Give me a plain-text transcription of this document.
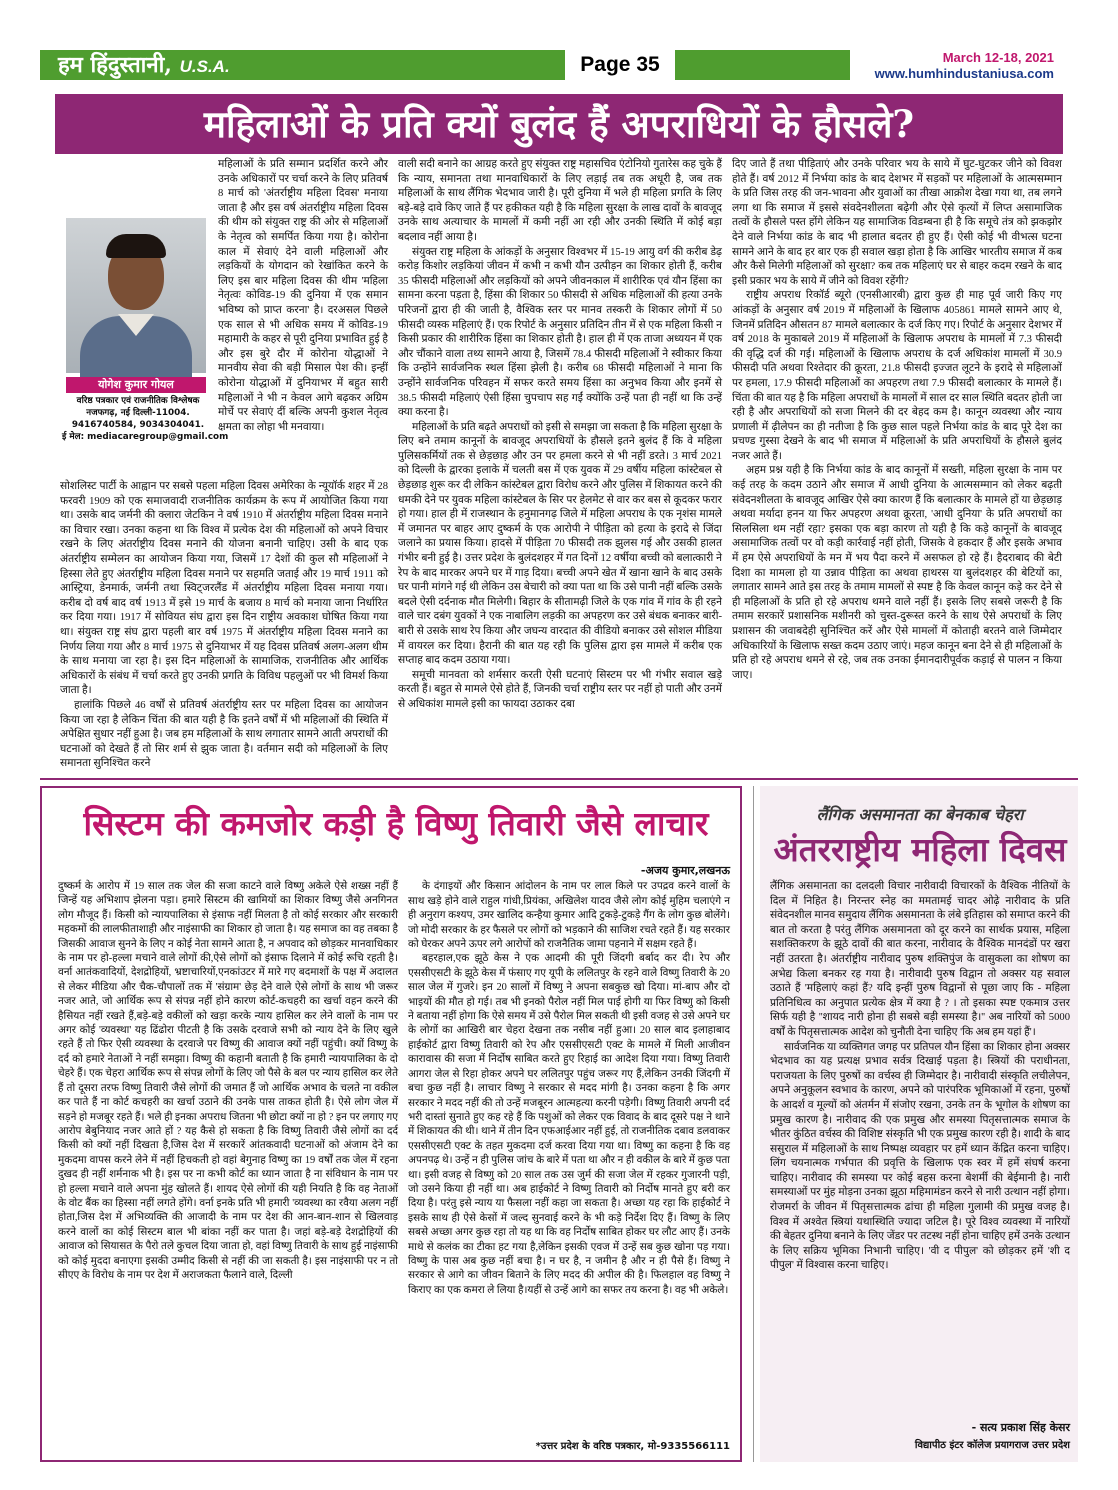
हम हिंदुस्तानी, U.S.A.	Page 35	March 12-18, 2021
www.humhindustaniusa.com
महिलाओं के प्रति क्यों बुलंद हैं अपराधियों के हौसले?

महिलाओं के प्रति सम्मान प्रदर्शित करने और उनके अधिकारों पर चर्चा करने के लिए प्रतिवर्ष 8 मार्च को 'अंतर्राष्ट्रीय महिला दिवस' मनाया जाता है और इस वर्ष अंतर्राष्ट्रीय महिला दिवस की थीम को संयुक्त राष्ट्र की ओर से महिलाओं के नेतृत्व को समर्पित किया गया है। कोरोना काल में सेवाएं देने वाली महिलाओं और लड़कियों के योगदान को रेखांकित करने के लिए इस बार महिला दिवस की थीम 'महिला नेतृत्वः कोविड-19 की दुनिया में एक समान भविष्य को प्राप्त करना' है। दरअसल पिछले एक साल से भी अधिक समय में कोविड-19 महामारी के कहर से पूरी दुनिया प्रभावित हुई है और इस बुरे दौर में कोरोना योद्धाओं ने मानवीय सेवा की बड़ी मिसाल पेश की। इन्हीं कोरोना योद्धाओं में दुनियाभर में बहुत सारी महिलाओं ने भी न केवल आगे बढ़कर अग्रिम मोर्चे पर सेवाएं दीं बल्कि अपनी कुशल नेतृत्व क्षमता का लोहा भी मनवाया।

योगेश कुमार गोयल
वरिष्ठ पत्रकार एवं राजनीतिक विश्लेषक
नजफगढ़, नई दिल्ली-11004.
9416740584, 9034304041.
ई मेल: mediacaregroup@gmail.com

सोशलिस्ट पार्टी के आह्वान पर सबसे पहला महिला दिवस अमेरिका के न्यूयॉर्क शहर में 28 फरवरी 1909 को एक समाजवादी राजनीतिक कार्यक्रम के रूप में आयोजित किया गया था। उसके बाद जर्मनी की क्लारा जेटकिन ने वर्ष 1910 में अंतर्राष्ट्रीय महिला दिवस मनाने का विचार रखा। उनका कहना था कि विश्व में प्रत्येक देश की महिलाओं को अपने विचार रखने के लिए अंतर्राष्ट्रीय दिवस मनाने की योजना बनानी चाहिए। उसी के बाद एक अंतर्राष्ट्रीय सम्मेलन का आयोजन किया गया, जिसमें 17 देशों की कुल सौ महिलाओं ने हिस्सा लेते हुए अंतर्राष्ट्रीय महिला दिवस मनाने पर सहमति जताई और 19 मार्च 1911 को आस्ट्रिया, डेनमार्क, जर्मनी तथा स्विट्जरलैंड में अंतर्राष्ट्रीय महिला दिवस मनाया गया। करीब दो वर्ष बाद वर्ष 1913 में इसे 19 मार्च के बजाय 8 मार्च को मनाया जाना निर्धारित कर दिया गया। 1917 में सोवियत संघ द्वारा इस दिन राष्ट्रीय अवकाश घोषित किया गया था। संयुक्त राष्ट्र संघ द्वारा पहली बार वर्ष 1975 में अंतर्राष्ट्रीय महिला दिवस मनाने का निर्णय लिया गया और 8 मार्च 1975 से दुनियाभर में यह दिवस प्रतिवर्ष अलग-अलग थीम के साथ मनाया जा रहा है। इस दिन महिलाओं के सामाजिक, राजनीतिक और आर्थिक अधिकारों के संबंध में चर्चा करते हुए उनकी प्रगति के विविध पहलुओं पर भी विमर्श किया जाता है।

हालांकि पिछले 46 वर्षों से प्रतिवर्ष अंतर्राष्ट्रीय स्तर पर महिला दिवस का आयोजन किया जा रहा है लेकिन चिंता की बात यही है कि इतने वर्षों में भी महिलाओं की स्थिति में अपेक्षित सुधार नहीं हुआ है। जब हम महिलाओं के साथ लगातार सामने आती अपराधों की घटनाओं को देखते हैं तो सिर शर्म से झुक जाता है। वर्तमान सदी को महिलाओं के लिए समानता सुनिश्चित करने

वाली सदी बनाने का आग्रह करते हुए संयुक्त राष्ट्र महासचिव एंटोनियो गुतारेस कह चुके हैं कि न्याय, समानता तथा मानवाधिकारों के लिए लड़ाई तब तक अधूरी है, जब तक महिलाओं के साथ लैंगिक भेदभाव जारी है। पूरी दुनिया में भले ही महिला प्रगति के लिए बड़े-बड़े दावे किए जाते हैं पर हकीकत यही है कि महिला सुरक्षा के लाख दावों के बावजूद उनके साथ अत्याचार के मामलों में कमी नहीं आ रही और उनकी स्थिति में कोई बड़ा बदलाव नहीं आया है।

संयुक्त राष्ट्र महिला के आंकड़ों के अनुसार विश्वभर में 15-19 आयु वर्ग की करीब डेढ़ करोड़ किशोर लड़कियां जीवन में कभी न कभी यौन उत्पीड़न का शिकार होती हैं, करीब 35 फीसदी महिलाओं और लड़कियों को अपने जीवनकाल में शारीरिक एवं यौन हिंसा का सामना करना पड़ता है, हिंसा की शिकार 50 फीसदी से अधिक महिलाओं की हत्या उनके परिजनों द्वारा ही की जाती है, वैश्विक स्तर पर मानव तस्करी के शिकार लोगों में 50 फीसदी व्यस्क महिलाएं हैं। एक रिपोर्ट के अनुसार प्रतिदिन तीन में से एक महिला किसी न किसी प्रकार की शारीरिक हिंसा का शिकार होती है। हाल ही में एक ताजा अध्ययन में एक और चौंकाने वाला तथ्य सामने आया है, जिसमें 78.4 फीसदी महिलाओं ने स्वीकार किया कि उन्होंने सार्वजनिक स्थल हिंसा झेली है। करीब 68 फीसदी महिलाओं ने माना कि उन्होंने सार्वजनिक परिवहन में सफर करते समय हिंसा का अनुभव किया और इनमें से 38.5 फीसदी महिलाएं ऐसी हिंसा चुपचाप सह गईं क्योंकि उन्हें पता ही नहीं था कि उन्हें क्या करना है।

महिलाओं के प्रति बढ़ते अपराधों को इसी से समझा जा सकता है कि महिला सुरक्षा के लिए बने तमाम कानूनों के बावजूद अपराधियों के हौसले इतने बुलंद हैं कि वे महिला पुलिसकर्मियों तक से छेड़छाड़ और उन पर हमला करने से भी नहीं डरते। 3 मार्च 2021 को दिल्ली के द्वारका इलाके में चलती बस में एक युवक में 29 वर्षीय महिला कांस्टेबल से छेड़छाड़ शुरू कर दी लेकिन कांस्टेबल द्वारा विरोध करने और पुलिस में शिकायत करने की धमकी देने पर युवक महिला कांस्टेबल के सिर पर हेलमेट से वार कर बस से कूदकर फरार हो गया। हाल ही में राजस्थान के हनुमानगढ़ जिले में महिला अपराध के एक नृशंस मामले में जमानत पर बाहर आए दुष्कर्म के एक आरोपी ने पीड़िता को हत्या के इरादे से जिंदा जलाने का प्रयास किया। हादसे में पीड़िता 70 फीसदी तक झुलस गई और उसकी हालत गंभीर बनी हुई है। उत्तर प्रदेश के बुलंदशहर में गत दिनों 12 वर्षीया बच्ची को बलात्कारी ने रेप के बाद मारकर अपने घर में गाड़ दिया। बच्ची अपने खेत में खाना खाने के बाद उसके घर पानी मांगने गई थी लेकिन उस बेचारी को क्या पता था कि उसे पानी नहीं बल्कि उसके बदले ऐसी दर्दनाक मौत मिलेगी। बिहार के सीतामढ़ी जिले के एक गांव में गांव के ही रहने वाले चार दबंग युवकों ने एक नाबालिग लड़की का अपहरण कर उसे बंधक बनाकर बारी-बारी से उसके साथ रेप किया और जघन्य वारदात की वीडियो बनाकर उसे सोशल मीडिया में वायरल कर दिया। हैरानी की बात यह रही कि पुलिस द्वारा इस मामले में करीब एक सप्ताह बाद कदम उठाया गया।

समूची मानवता को शर्मसार करती ऐसी घटनाएं सिस्टम पर भी गंभीर सवाल खड़े करती हैं। बहुत से मामले ऐसे होते हैं, जिनकी चर्चा राष्ट्रीय स्तर पर नहीं हो पाती और उनमें से अधिकांश मामले इसी का फायदा उठाकर दबा

दिए जाते हैं तथा पीड़िताएं और उनके परिवार भय के साये में घुट-घुटकर जीने को विवश होते हैं। वर्ष 2012 में निर्भया कांड के बाद देशभर में सड़कों पर महिलाओं के आत्मसम्मान के प्रति जिस तरह की जन-भावना और युवाओं का तीखा आक्रोश देखा गया था, तब लगने लगा था कि समाज में इससे संवदेनशीलता बढ़ेगी और ऐसे कृत्यों में लिप्त असामाजिक तत्वों के हौसले पस्त होंगे लेकिन यह सामाजिक विडम्बना ही है कि समूचे तंत्र को झकझोर देने वाले निर्भया कांड के बाद भी हालात बदतर ही हुए हैं। ऐसी कोई भी वीभत्स घटना सामने आने के बाद हर बार एक ही सवाल खड़ा होता है कि आखिर भारतीय समाज में कब और कैसे मिलेगी महिलाओं को सुरक्षा? कब तक महिलाएं घर से बाहर कदम रखने के बाद इसी प्रकार भय के साये में जीने को विवश रहेंगी?

राष्ट्रीय अपराध रिकॉर्ड ब्यूरो (एनसीआरबी) द्वारा कुछ ही माह पूर्व जारी किए गए आंकड़ों के अनुसार वर्ष 2019 में महिलाओं के खिलाफ 405861 मामले सामने आए थे, जिनमें प्रतिदिन औसतन 87 मामले बलात्कार के दर्ज किए गए। रिपोर्ट के अनुसार देशभर में वर्ष 2018 के मुकाबले 2019 में महिलाओं के खिलाफ अपराध के मामलों में 7.3 फीसदी की वृद्धि दर्ज की गई। महिलाओं के खिलाफ अपराध के दर्ज अधिकांश मामलों में 30.9 फीसदी पति अथवा रिश्तेदार की क्रूरता, 21.8 फीसदी इज्जत लूटने के इरादे से महिलाओं पर हमला, 17.9 फीसदी महिलाओं का अपहरण तथा 7.9 फीसदी बलात्कार के मामले हैं। चिंता की बात यह है कि महिला अपराधों के मामलों में साल दर साल स्थिति बदतर होती जा रही है और अपराधियों को सजा मिलने की दर बेहद कम है। कानून व्यवस्था और न्याय प्रणाली में ढ़ीलेपन का ही नतीजा है कि कुछ साल पहले निर्भया कांड के बाद पूरे देश का प्रचण्ड गुस्सा देखने के बाद भी समाज में महिलाओं के प्रति अपराधियों के हौसले बुलंद नजर आते हैं।

अहम प्रश्न यही है कि निर्भया कांड के बाद कानूनों में सख्ती, महिला सुरक्षा के नाम पर कई तरह के कदम उठाने और समाज में आधी दुनिया के आत्मसम्मान को लेकर बढ़ती संवेदनशीलता के बावजूद आखिर ऐसे क्या कारण हैं कि बलात्कार के मामले हों या छेड़छाड़ अथवा मर्यादा हनन या फिर अपहरण अथवा क्रूरता, 'आधी दुनिया' के प्रति अपराधों का सिलसिला थम नहीं रहा? इसका एक बड़ा कारण तो यही है कि कड़े कानूनों के बावजूद असामाजिक तत्वों पर वो कड़ी कार्रवाई नहीं होती, जिसके वे हकदार हैं और इसके अभाव में हम ऐसे अपराधियों के मन में भय पैदा करने में असफल हो रहे हैं। हैदराबाद की बेटी दिशा का मामला हो या उन्नाव पीड़िता का अथवा हाथरस या बुलंदशहर की बेटियों का, लगातार सामने आते इस तरह के तमाम मामलों से स्पष्ट है कि केवल कानून कड़े कर देने से ही महिलाओं के प्रति हो रहे अपराध थमने वाले नहीं हैं। इसके लिए सबसे जरूरी है कि तमाम सरकारें प्रशासनिक मशीनरी को चुस्त-दुरूस्त करने के साथ ऐसे अपराधों के लिए प्रशासन की जवाबदेही सुनिश्चित करें और ऐसे मामलों में कोताही बरतने वाले जिम्मेदार अधिकारियों के खिलाफ सख्त कदम उठाए जाएं। महज कानून बना देने से ही महिलाओं के प्रति हो रहे अपराध थमने से रहे, जब तक उनका ईमानदारीपूर्वक कड़ाई से पालन न किया जाए।

सिस्टम की कमजोर कड़ी है विष्णु तिवारी जैसे लाचार

दुष्कर्म के आरोप में 19 साल तक जेल की सजा काटने वाले विष्णु अकेले ऐसे शख्स नहीं हैं जिन्हें यह अभिशाप झेलना पड़ा। हमारे सिस्टम की खामियों का शिकार विष्णु जैसे अनगिनत लोग मौजूद हैं। किसी को न्यायपालिका से इंसाफ नहीं मिलता है तो कोई सरकार और सरकारी महकमों की लालफीताशाही और नाइंसाफी का शिकार हो जाता है। यह समाज का वह तबका है जिसकी आवाज सुनने के लिए न कोई नेता सामने आता है, न अपवाद को छोड़कर मानवाधिकार के नाम पर हो-हल्ला मचाने वाले लोगों की,ऐसे लोगों को इंसाफ दिलाने में कोई रूचि रहती है। वर्ना आतंकवादियों, देशद्रोहियों, भ्रष्टाचारियों,एनकांउटर में मारे गए बदमाशों के पक्ष में अदालत से लेकर मीडिया और चैक-चौपालों तक में 'संग्राम' छेड़ देने वाले ऐसे लोगों के साथ भी जरूर नजर आते, जो आर्थिक रूप से संपन्न नहीं होने कारण कोर्ट-कचहरी का खर्चा वहन करने की हैसियत नहीं रखते हैं,बड़े-बड़े वकीलों को खड़ा करके न्याय हासिल कर लेने वालों के नाम पर अगर कोई 'व्यवस्था' यह ढिंढोरा पीटती है कि उसके दरवाजे सभी को न्याय देने के लिए खुले रहते हैं तो फिर ऐसी व्यवस्था के दरवाजे पर विष्णु की आवाज क्यों नहीं पहुंची। क्यों विष्णु के दर्द को हमारे नेताओं ने नहीं समझा। विष्णु की कहानी बताती है कि हमारी न्यायपालिका के दो चेहरे हैं। एक चेहरा आर्थिक रूप से संपन्न लोगों के लिए जो पैसे के बल पर न्याय हासिल कर लेते हैं तो दूसरा तरफ विष्णु तिवारी जैसे लोगों की जमात हैं जो आर्थिक अभाव के चलते ना वकील कर पाते हैं ना कोर्ट कचहरी का खर्चा उठाने की उनके पास ताकत होती है। ऐसे लोग जेल में सड़ने हो मजबूर रहते हैं। भले ही इनका अपराध जितना भी छोटा क्यों ना हो ? इन पर लगाए गए आरोप बेबुनियाद नजर आते हों ? यह कैसे हो सकता है कि विष्णु तिवारी जैसे लोगों का दर्द किसी को क्यों नहीं दिखता है,जिस देश में सरकारें आंतकवादी घटनाओं को अंजाम देने का मुकदमा वापस करने लेने में नहीं हिचकती हो वहां बेगुनाह विष्णु का 19 वर्षों तक जेल में रहना दुखद ही नहीं शर्मनाक भी है। इस पर ना कभी कोर्ट का ध्यान जाता है ना संविधान के नाम पर हो हल्ला मचाने वाले अपना मुंह खोलते हैं। शायद ऐसे लोगों की यही नियति है कि वह नेताओं के वोट बैंक का हिस्सा नहीं लगते होंगे। वर्ना इनके प्रति भी हमारी 'व्यवस्था का रवैया अलग नहीं होता,जिस देश में अभिव्यक्ति की आजादी के नाम पर देश की आन-बान-शान से खिलवाड़ करने वालों का कोई सिस्टम बाल भी बांका नहीं कर पाता है। जहां बड़े-बड़े देशद्रोहियों की आवाज को सियासत के पैरो तले कुचल दिया जाता हो, वहां विष्णु तिवारी के साथ हुई नाइंसाफी को कोई मुददा बनाएगा इसकी उम्मीद किसी से नहीं की जा सकती है। इस नाइंसाफी पर न तो सीएए के विरोध के नाम पर देश में अराजकता फैलाने वाले, दिल्ली

-अजय कुमार,लखनऊ

के दंगाइयों और किसान आंदोलन के नाम पर लाल किले पर उपद्रव करने वालों के साथ खड़े होने वाले राहुल गांधी,प्रियंका, अखिलेश यादव जैसे लोग कोई मुहिम चलाएंगे न ही अनुराग कश्यप, उमर खालिद कन्हैया कुमार आदि टुकड़े-टुकड़े गैंग के लोग कुछ बोलेंगे। जो मोदी सरकार के हर फैसले पर लोगों को भड़काने की साजिश रचते रहते हैं। यह सरकार को घेरकर अपने ऊपर लगे आरोपों को राजनैतिक जामा पहनाने में सक्षम रहते हैं।

बहरहाल,एक झूठे केस ने एक आदमी की पूरी जिंदगी बर्बाद कर दी। रेप और एससीएसटी के झूठे केस में फंसाए गए यूपी के ललितपुर के रहने वाले विष्णु तिवारी के 20 साल जेल में गुजरे। इन 20 सालों में विष्णु ने अपना सबकुछ खो दिया। मां-बाप और दो भाइयों की मौत हो गई। तब भी इनको पैरोल नहीं मिल पाई होगी या फिर विष्णु को किसी ने बताया नहीं होगा कि ऐसे समय में उसे पैरोल मिल सकती थी इसी वजह से उसे अपने घर के लोगों का आखिरी बार चेहरा देखना तक नसीब नहीं हुआ। 20 साल बाद इलाहाबाद हाईकोर्ट द्वारा विष्णु तिवारी को रेप और एससीएसटी एक्ट के मामले में मिली आजीवन कारावास की सजा में निर्दोष साबित करते हुए रिहाई का आदेश दिया गया। विष्णु तिवारी आगरा जेल से रिहा होकर अपने घर ललितपुर पहुंच जरूर गए हैं,लेकिन उनकी जिंदगी में बचा कुछ नहीं है। लाचार विष्णु ने सरकार से मदद मांगी है। उनका कहना है कि अगर सरकार ने मदद नहीं की तो उन्हें मजबूरन आत्महत्या करनी पड़ेगी। विष्णु तिवारी अपनी दर्द भरी दास्तां सुनाते हुए कह रहे हैं कि पशुओं को लेकर एक विवाद के बाद दूसरे पक्ष ने थाने में शिकायत की थी। थाने में तीन दिन एफआईआर नहीं हुई, तो राजनीतिक दबाव डलवाकर एससीएसटी एक्ट के तहत मुकदमा दर्ज करवा दिया गया था। विष्णु का कहना है कि वह अपनपढ़ थे। उन्हें न ही पुलिस जांच के बारे में पता था और न ही वकील के बारे में कुछ पता था। इसी वजह से विष्णु को 20 साल तक उस जुर्म की सजा जेल में रहकर गुजारनी पड़ी, जो उसने किया ही नहीं था। अब हाईकोर्ट ने विष्णु तिवारी को निर्दोष मानते हुए बरी कर दिया है। परंतु इसे न्याय या फैसला नहीं कहा जा सकता है। अच्छा यह रहा कि हाईकोर्ट ने इसके साथ ही ऐसे केसों में जल्द सुनवाई करने के भी कड़े निर्देश दिए हैं। विष्णु के लिए सबसे अच्छा अगर कुछ रहा तो यह था कि वह निर्दोष साबित होकर घर लौट आए हैं। उनके माथे से कलंक का टीका हट गया है,लेकिन इसकी एवज में उन्हें सब कुछ खोना पड़ गया।विष्णु के पास अब कुछ नहीं बचा है। न घर है, न जमीन है और न ही पैसे हैं। विष्णु ने सरकार से आगे का जीवन बिताने के लिए मदद की अपील की है। फिलहाल वह विष्णु ने किराए का एक कमरा ले लिया है।यहीं से उन्हें आगे का सफर तय करना है। वह भी अकेले।

*उत्तर प्रदेश के वरिष्ठ पत्रकार, मो-9335566111
लैंगिक असमानता का बेनकाब चेहरा
अंतरराष्ट्रीय महिला दिवस

लैंगिक असमानता का दलदली विचार नारीवादी विचारकों के वैश्विक नीतियों के दिल में निहित है। निरन्तर स्नेह का ममतामई चादर ओढ़े नारीवाद के प्रति संवेदनशील मानव समुदाय लैंगिक असमानता के लंबे इतिहास को समाप्त करने की बात तो करता है परंतु लैंगिक असमानता को दूर करने का सार्थक प्रयास, महिला सशक्तिकरण के झूठे दावों की बात करना, नारीवाद के वैश्विक मानदंडों पर खरा नहीं उतरता है। अंतर्राष्ट्रीय नारीवाद पुरुष शक्तिपुंज के वासुकला का शोषण का अभेद्य किला बनकर रह गया है। नारीवादी पुरुष विद्वान तो अक्सर यह सवाल उठाते हैं 'महिलाएं कहां हैं? यदि इन्हीं पुरुष विद्वानों से पूछा जाए कि - महिला प्रतिनिधित्व का अनुपात प्रत्येक क्षेत्र में क्या है ? । तो इसका स्पष्ट एकमात्र उत्तर सिर्फ यही है ''शायद नारी होना ही सबसे बड़ी समस्या है।'' अब नारियों को 5000 वर्षों के पितृसत्तात्मक आदेश को चुनौती देना चाहिए 'कि अब हम यहां हैं'।

सार्वजनिक या व्यक्तिगत जगह पर प्रतिपल यौन हिंसा का शिकार होना अक्सर भेदभाव का यह प्रत्यक्ष प्रभाव सर्वत्र दिखाई पड़ता है। स्त्रियों की पराधीनता, पराजयता के लिए पुरुषों का वर्चस्व ही जिम्मेदार है। नारीवादी संस्कृति लचीलेपन, अपने अनुकूलन स्वभाव के कारण, अपने को पारंपरिक भूमिकाओं में रहना, पुरुषों के आदर्श व मूल्यों को अंतर्मन में संजोए रखना, उनके तन के भूगोल के शोषण का प्रमुख कारण है। नारीवाद की एक प्रमुख और समस्या पितृसत्तात्मक समाज के भीतर कुंठित वर्चस्व की विशिष्ट संस्कृति भी एक प्रमुख कारण रही है। शादी के बाद ससुराल में महिलाओं के साथ निष्पक्ष व्यवहार पर हमें ध्यान केंद्रित करना चाहिए। लिंग चयनात्मक गर्भपात की प्रवृत्ति के खिलाफ एक स्वर में हमें संघर्ष करना चाहिए। नारीवाद की समस्या पर कोई बहस करना बेशर्मी की बेईमानी है। नारी समस्याओं पर मुंह मोड़ना उनका झूठा महिमामंडन करने से नारी उत्थान नहीं होगा। रोजमर्रा के जीवन में पितृसत्तात्मक ढांचा ही महिला गुलामी की प्रमुख वजह है। विश्व में अश्वेत स्त्रियां यथास्थिति ज्यादा जटिल है। पूरे विश्व व्यवस्था में नारियों की बेहतर दुनिया बनाने के लिए जेंडर पर तटस्थ नहीं होना चाहिए हमें उनके उत्थान के लिए सक्रिय भूमिका निभानी चाहिए। 'वी द पीपुल' को छोड़कर हमें 'शी द पीपुल' में विश्वास करना चाहिए।

- सत्य प्रकाश सिंह केसर
विद्यापीठ इंटर कॉलेज प्रयागराज उत्तर प्रदेश
